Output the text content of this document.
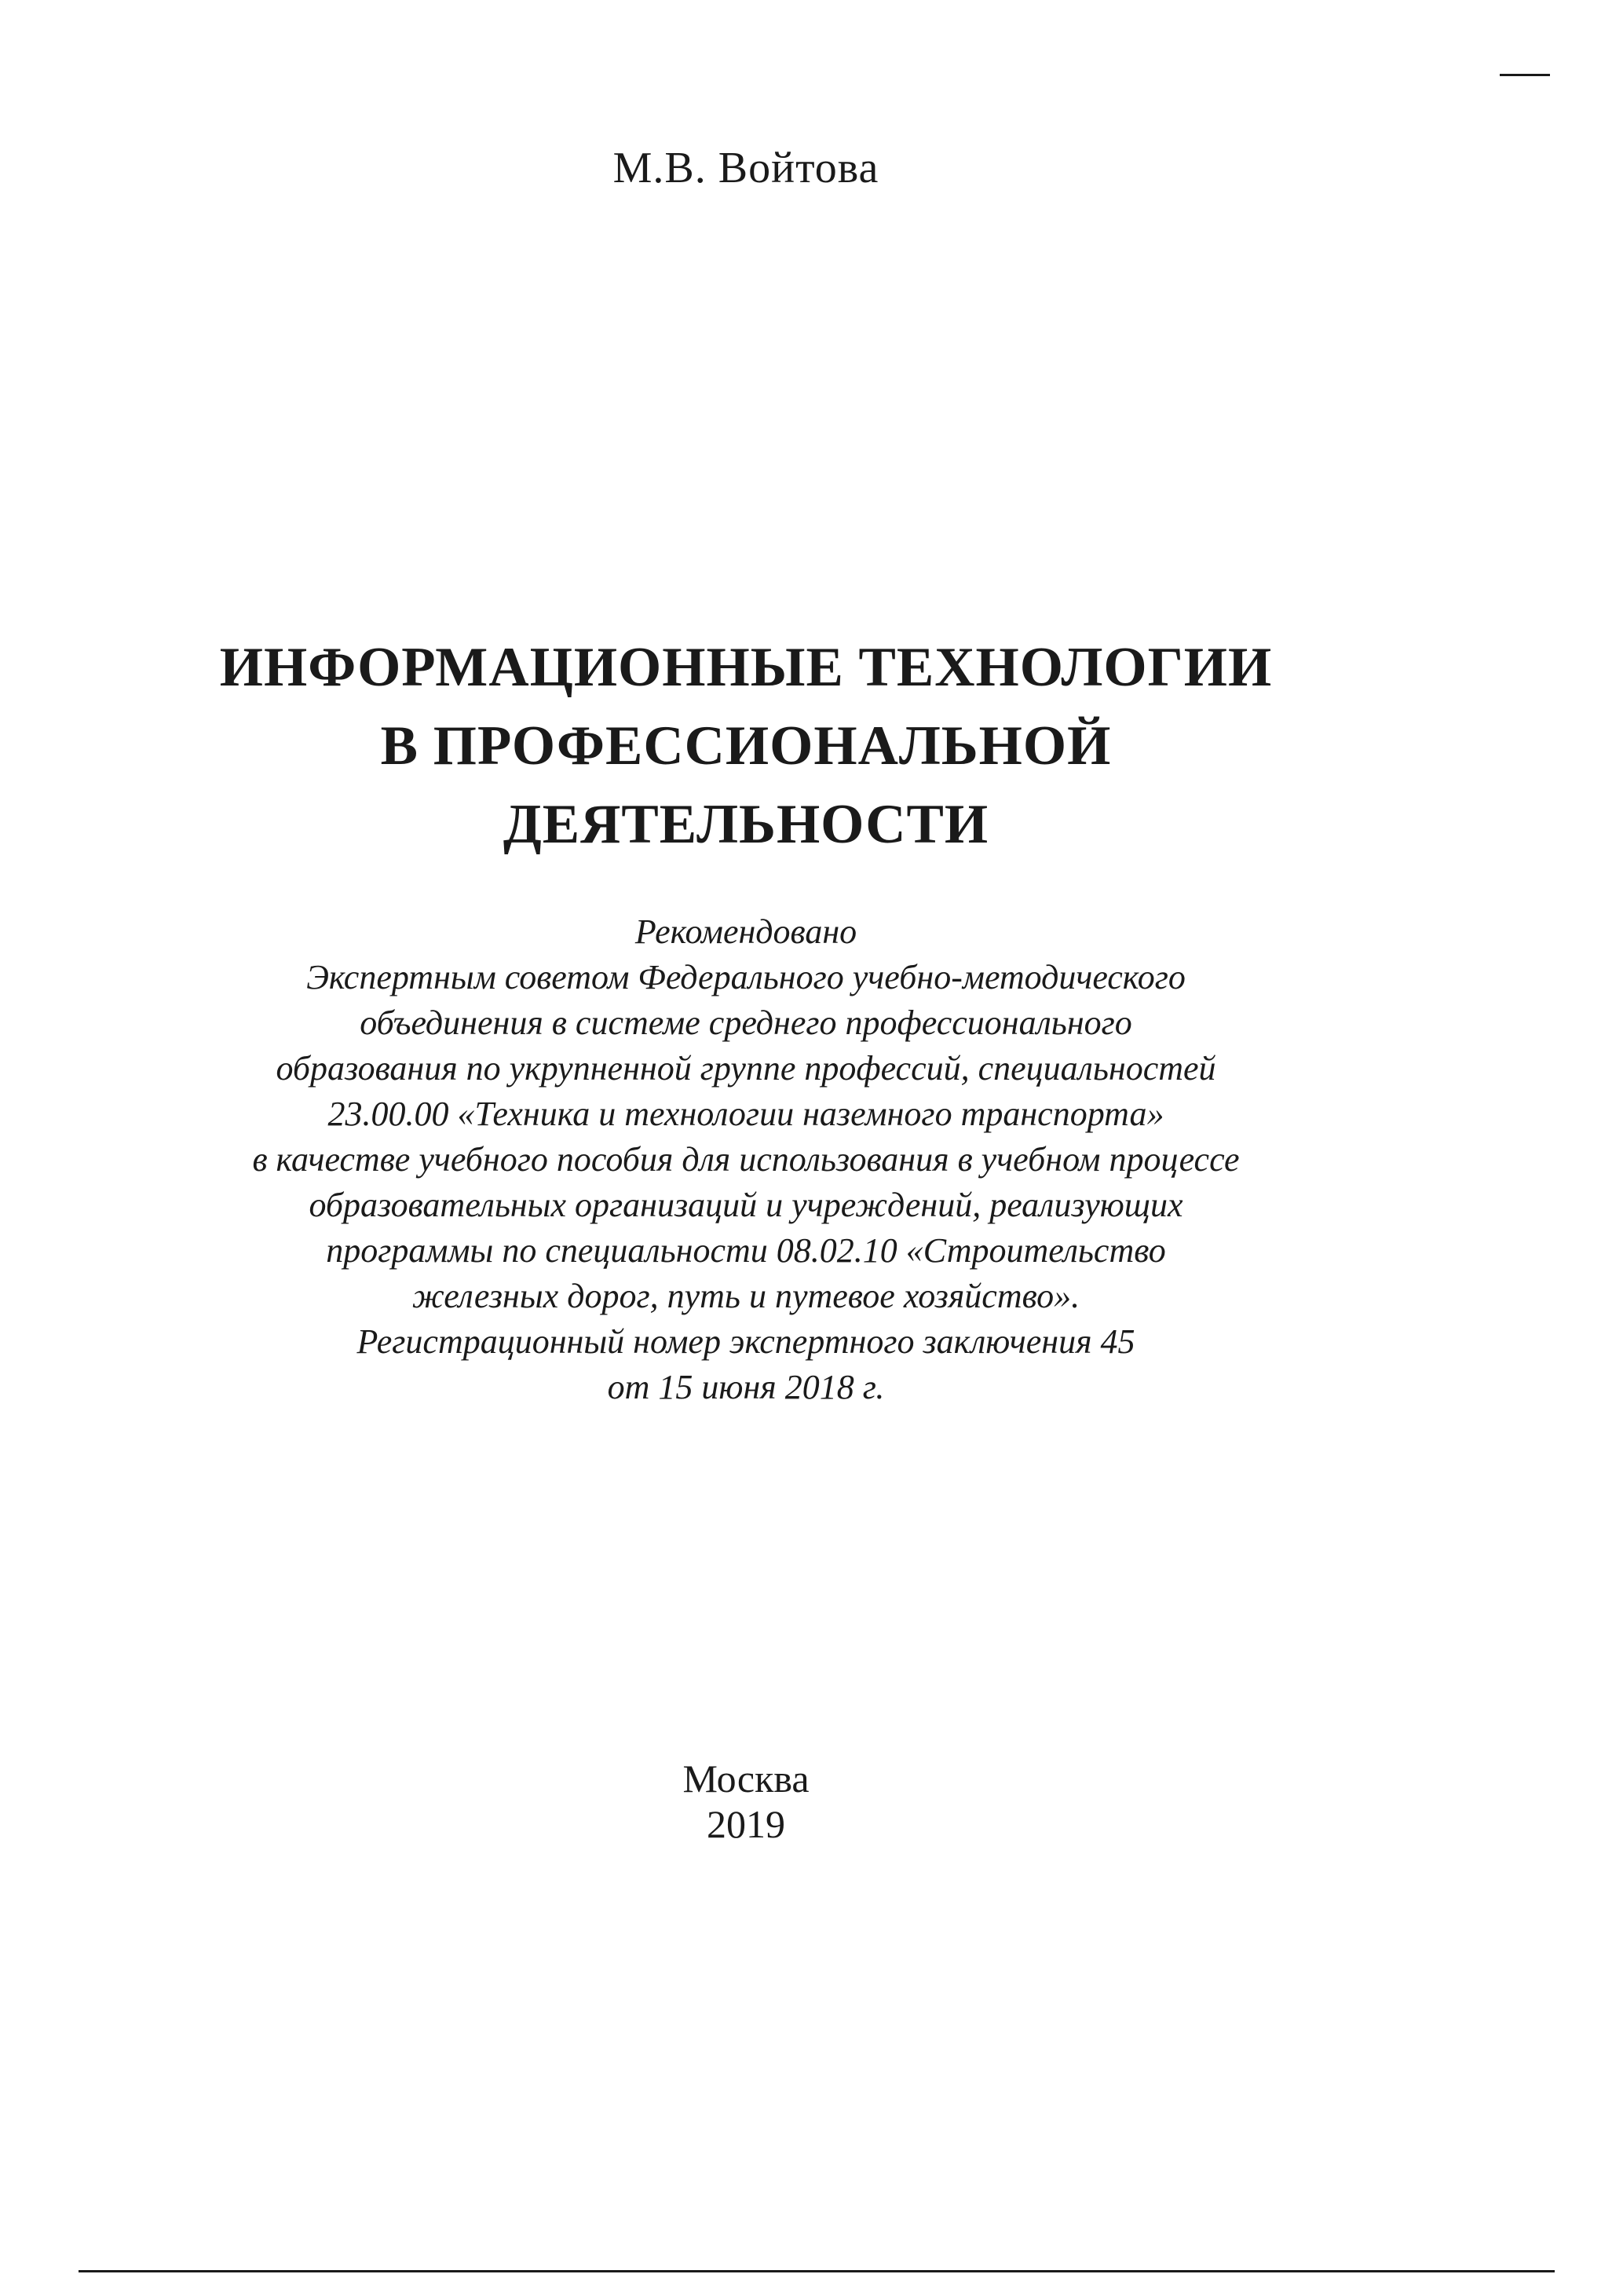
М.В. Войтова
ИНФОРМАЦИОННЫЕ ТЕХНОЛОГИИ
В ПРОФЕССИОНАЛЬНОЙ
ДЕЯТЕЛЬНОСТИ
Рекомендовано
Экспертным советом Федерального учебно-методического
объединения в системе среднего профессионального
образования по укрупненной группе профессий, специальностей
23.00.00 «Техника и технологии наземного транспорта»
в качестве учебного пособия для использования в учебном процессе
образовательных организаций и учреждений, реализующих
программы по специальности 08.02.10 «Строительство
железных дорог, путь и путевое хозяйство».
Регистрационный номер экспертного заключения 45
от 15 июня 2018 г.
Москва
2019
